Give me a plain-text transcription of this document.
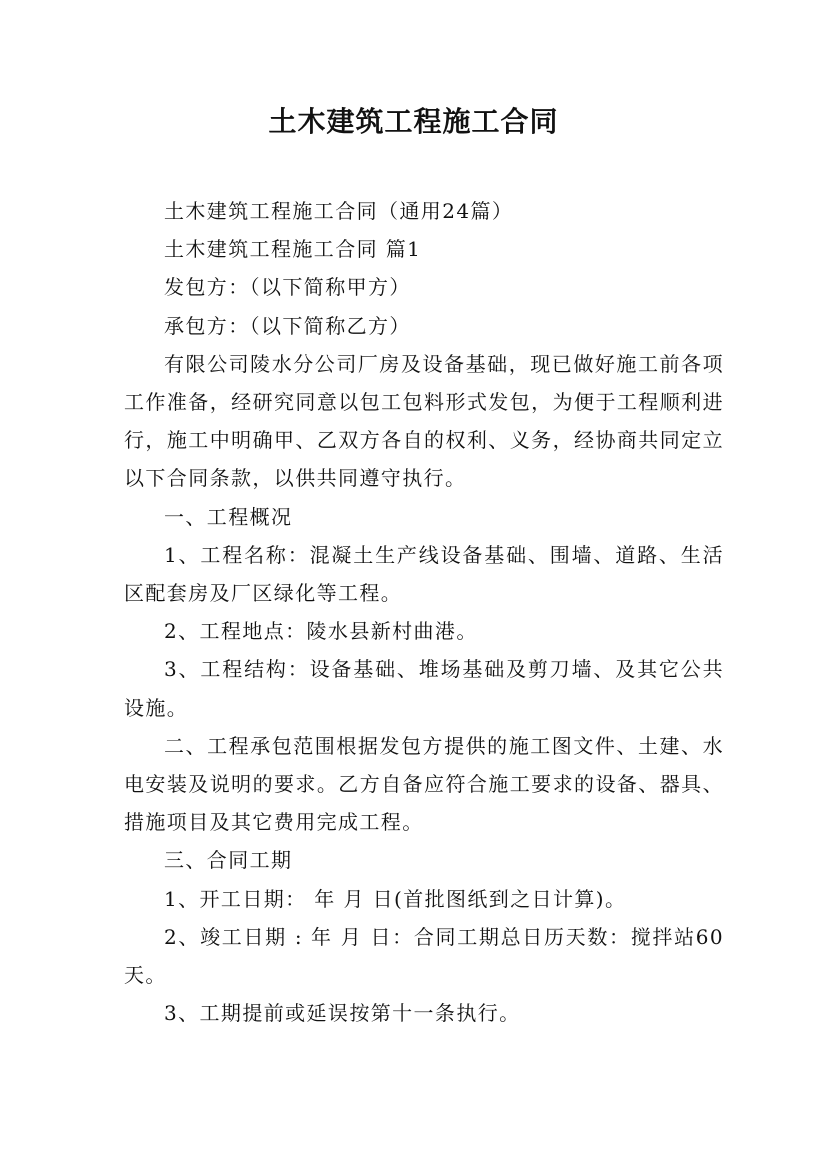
土木建筑工程施工合同

土木建筑工程施工合同（通用24篇）

土木建筑工程施工合同 篇1

发包方：（以下简称甲方）

承包方：（以下简称乙方）

有限公司陵水分公司厂房及设备基础，现已做好施工前各项工作准备，经研究同意以包工包料形式发包，为便于工程顺利进行，施工中明确甲、乙双方各自的权利、义务，经协商共同定立以下合同条款，以供共同遵守执行。

一、工程概况

1、工程名称：混凝土生产线设备基础、围墙、道路、生活区配套房及厂区绿化等工程。

2、工程地点：陵水县新村曲港。

3、工程结构：设备基础、堆场基础及剪刀墙、及其它公共设施。

二、工程承包范围根据发包方提供的施工图文件、土建、水电安装及说明的要求。乙方自备应符合施工要求的设备、器具、措施项目及其它费用完成工程。

三、合同工期

1、开工日期： 年 月 日(首批图纸到之日计算)。

2、竣工日期 : 年 月 日：合同工期总日历天数：搅拌站60天。

3、工期提前或延误按第十一条执行。
